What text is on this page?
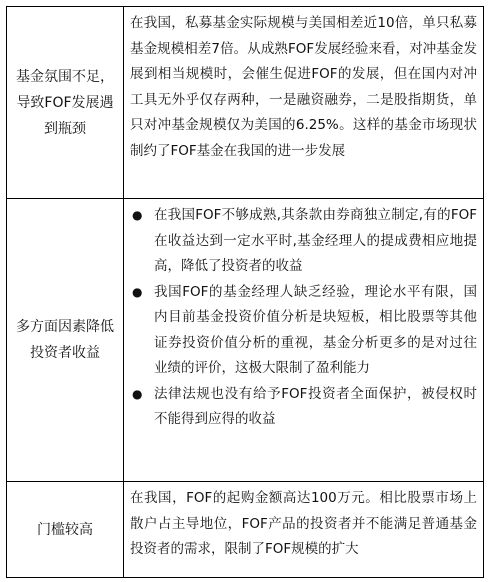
基金氛围不足，导致FOF发展遇到瓶颈
在我国，私募基金实际规模与美国相差近10倍，单只私募基金规模相差7倍。从成熟FOF发展经验来看，对冲基金发展到相当规模时，会催生促进FOF的发展，但在国内对冲工具无外乎仅存两种，一是融资融券，二是股指期货，单只对冲基金规模仅为美国的6.25%。这样的基金市场现状制约了FOF基金在我国的进一步发展
多方面因素降低投资者收益
● 在我国FOF不够成熟,其条款由券商独立制定,有的FOF在收益达到一定水平时,基金经理人的提成费相应地提高，降低了投资者的收益
● 我国FOF的基金经理人缺乏经验，理论水平有限，国内目前基金投资价值分析是块短板，相比股票等其他证券投资价值分析的重视，基金分析更多的是对过往业绩的评价，这极大限制了盈利能力
● 法律法规也没有给予FOF投资者全面保护，被侵权时不能得到应得的收益
门槛较高
在我国，FOF的起购金额高达100万元。相比股票市场上散户占主导地位，FOF产品的投资者并不能满足普通基金投资者的需求，限制了FOF规模的扩大
